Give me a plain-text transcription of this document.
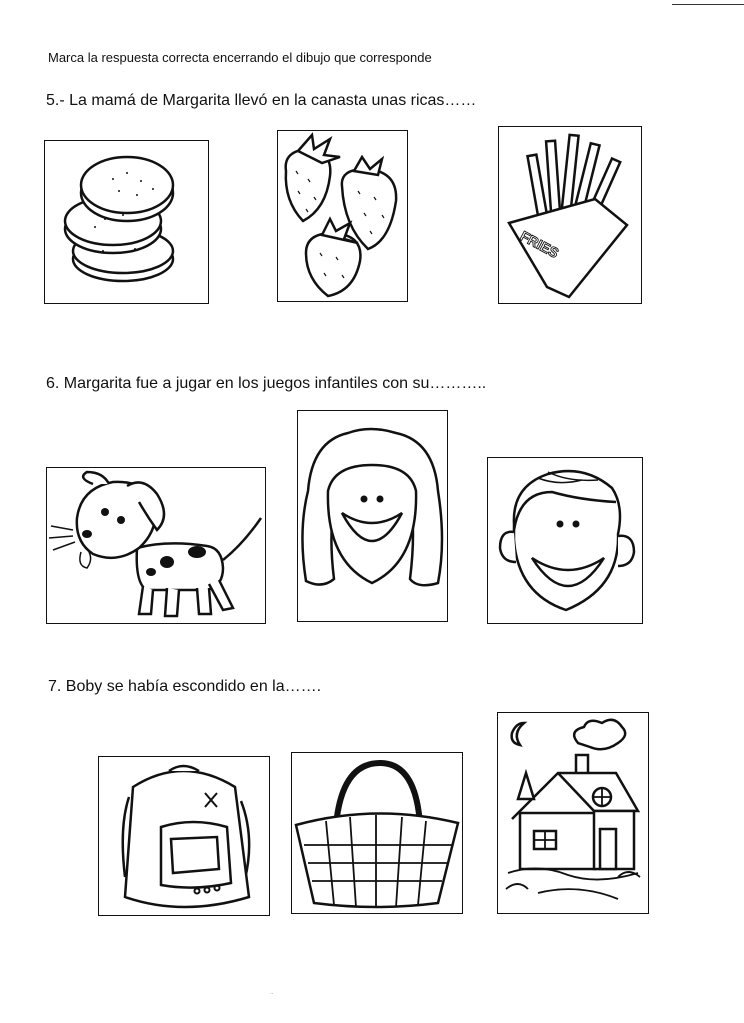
Marca la respuesta correcta encerrando el dibujo que corresponde
5.- La mamá de Margarita llevó en la canasta unas ricas……
FRIES
6. Margarita fue a jugar en los juegos infantiles con su………..
7. Boby se había escondido en la…….
..
